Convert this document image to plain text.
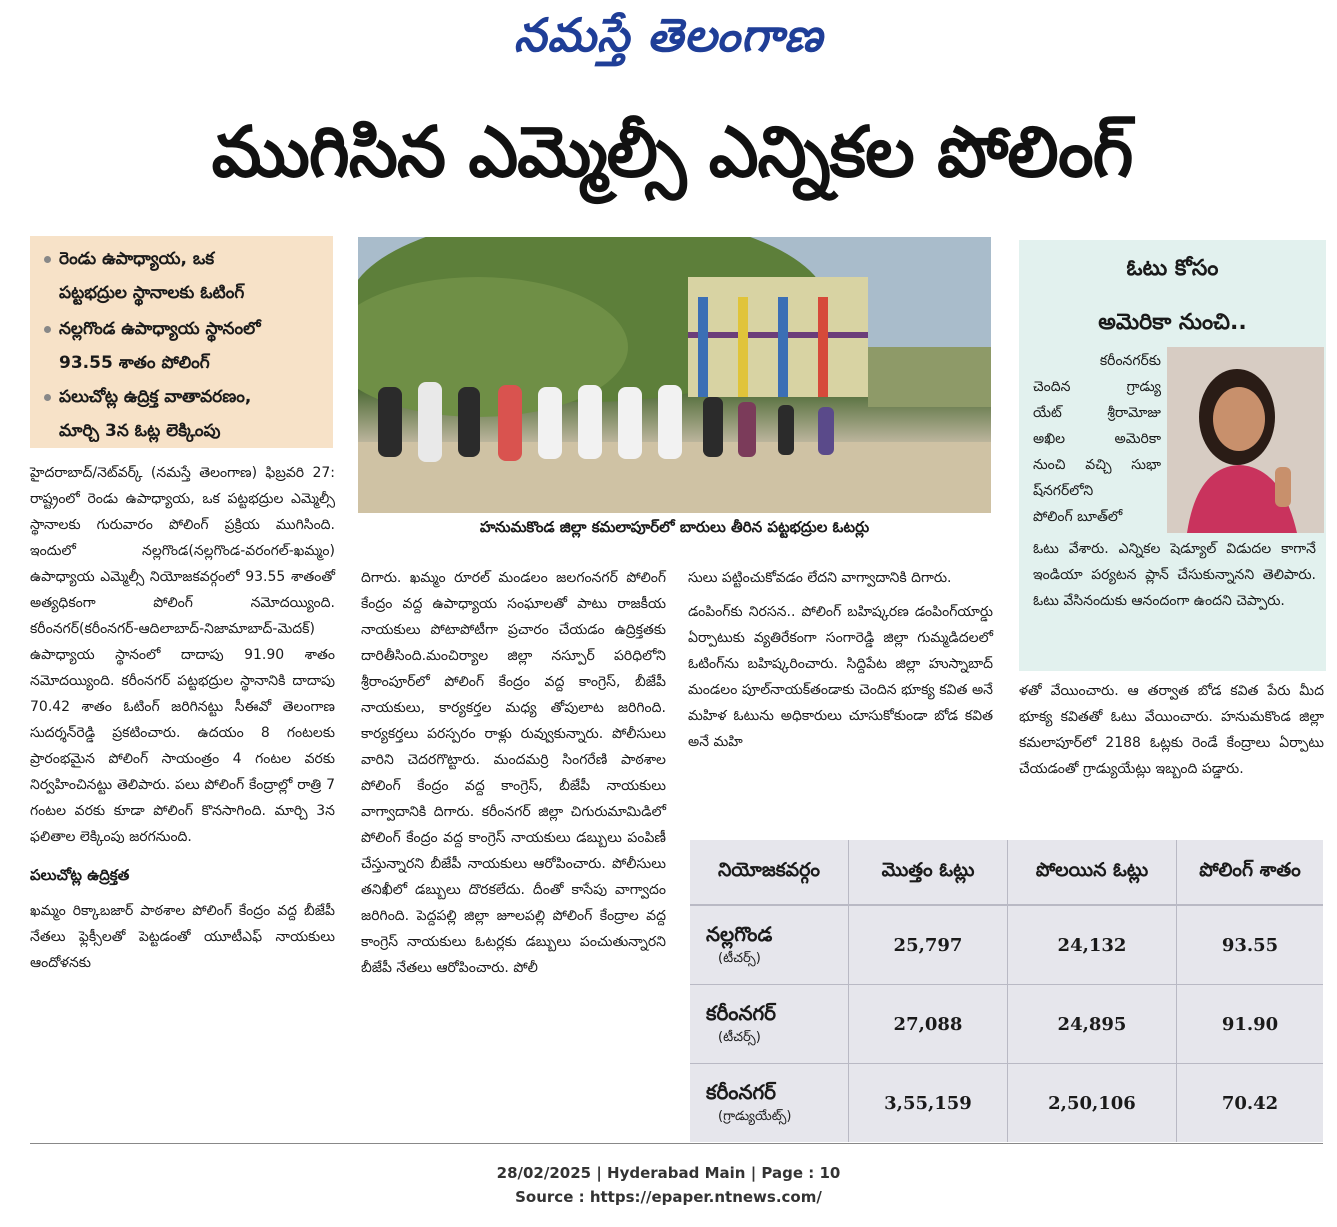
నమస్తే తెలంగాణ
ముగిసిన ఎమ్మెల్సీ ఎన్నికల పోలింగ్
రెండు ఉపాధ్యాయ, ఒక
పట్టభద్రుల స్థానాలకు ఓటింగ్
నల్లగొండ ఉపాధ్యాయ స్థానంలో
93.55 శాతం పోలింగ్
పలుచోట్ల ఉద్రిక్త వాతావరణం,
మార్చి 3న ఓట్ల లెక్కింపు
హనుమకొండ జిల్లా కమలాపూర్‌లో బారులు తీరిన పట్టభద్రుల ఓటర్లు

హైదరాబాద్/నెట్‌వర్క్ (నమస్తే తెలంగాణ) ఫిబ్రవరి 27: రాష్ట్రంలో రెండు ఉపాధ్యాయ, ఒక పట్టభద్రుల ఎమ్మెల్సీ స్థానాలకు గురువారం పోలింగ్ ప్రక్రియ ముగిసింది. ఇందులో నల్లగొండ(నల్లగొండ-వరంగల్-ఖమ్మం) ఉపాధ్యాయ ఎమ్మెల్సీ నియోజకవర్గంలో 93.55 శాతంతో అత్యధికంగా పోలింగ్ నమోదయ్యింది. కరీంనగర్(కరీంనగర్-ఆదిలాబాద్-నిజామాబాద్-మెదక్) ఉపాధ్యాయ స్థానంలో దాదాపు 91.90 శాతం నమోదయ్యింది. కరీంనగర్ పట్టభద్రుల స్థానానికి దాదాపు 70.42 శాతం ఓటింగ్ జరిగినట్టు సీఈవో తెలంగాణ సుదర్శన్‌రెడ్డి ప్రకటించారు. ఉదయం 8 గంటలకు ప్రారంభమైన పోలింగ్ సాయంత్రం 4 గంటల వరకు నిర్వహించినట్టు తెలిపారు. పలు పోలింగ్ కేంద్రాల్లో రాత్రి 7 గంటల వరకు కూడా పోలింగ్ కొనసాగింది. మార్చి 3న ఫలితాల లెక్కింపు జరగనుంది.

పలుచోట్ల ఉద్రిక్తత

ఖమ్మం రిక్కాబజార్ పాఠశాల పోలింగ్ కేంద్రం వద్ద బీజేపీ నేతలు ఫ్లెక్సీలతో పెట్టడంతో యూటీఎఫ్ నాయకులు ఆందోళనకు

దిగారు. ఖమ్మం రూరల్ మండలం జలగంనగర్ పోలింగ్ కేంద్రం వద్ద ఉపాధ్యాయ సంఘాలతో పాటు రాజకీయ నాయకులు పోటాపోటీగా ప్రచారం చేయడం ఉద్రిక్తతకు దారితీసింది.మంచిర్యాల జిల్లా నస్పూర్ పరిధిలోని శ్రీరాంపూర్‌లో పోలింగ్ కేంద్రం వద్ద కాంగ్రెస్, బీజేపీ నాయకులు, కార్యకర్తల మధ్య తోపులాట జరిగింది. కార్యకర్తలు పరస్పరం రాళ్లు రువ్వుకున్నారు. పోలీసులు వారిని చెదరగొట్టారు. మందమర్రి సింగరేణి పాఠశాల పోలింగ్ కేంద్రం వద్ద కాంగ్రెస్, బీజేపీ నాయకులు వాగ్వాదానికి దిగారు. కరీంనగర్ జిల్లా చిగురుమామిడిలో పోలింగ్ కేంద్రం వద్ద కాంగ్రెస్ నాయకులు డబ్బులు పంపిణీ చేస్తున్నారని బీజేపీ నాయకులు ఆరోపించారు. పోలీసులు తనిఖీలో డబ్బులు దొరకలేదు. దీంతో కాసేపు వాగ్వాదం జరిగింది. పెద్దపల్లి జిల్లా జూలపల్లి పోలింగ్ కేంద్రాల వద్ద కాంగ్రెస్ నాయకులు ఓటర్లకు డబ్బులు పంచుతున్నారని బీజేపీ నేతలు ఆరోపించారు. పోలీ

సులు పట్టించుకోవడం లేదని వాగ్వాదానికి దిగారు.

డంపింగ్‌కు నిరసన.. పోలింగ్ బహిష్కరణ డంపింగ్‌యార్డు ఏర్పాటుకు వ్యతిరేకంగా సంగారెడ్డి జిల్లా గుమ్మడిదలలో ఓటింగ్‌ను బహిష్కరించారు. సిద్దిపేట జిల్లా హుస్నాబాద్ మండలం పూల్‌నాయక్‌తండాకు చెందిన భూక్య కవిత అనే మహిళ ఓటును అధికారులు చూసుకోకుండా బోడ కవిత అనే మహి

ళతో వేయించారు. ఆ తర్వాత బోడ కవిత పేరు మీద భూక్య కవితతో ఓటు వేయించారు. హనుమకొండ జిల్లా కమలాపూర్‌లో 2188 ఓట్లకు రెండే కేంద్రాలు ఏర్పాటు చేయడంతో గ్రాడ్యుయేట్లు ఇబ్బంది పడ్డారు.

ఓటు కోసం
అమెరికా నుంచి..
కరీంనగర్‌కు
చెందిన గ్రాడ్యు
యేట్ శ్రీరామోజు
అఖిల అమెరికా
నుంచి వచ్చి సుభా
ష్‌నగర్‌లోని
పోలింగ్ బూత్‌లో
ఓటు వేశారు. ఎన్నికల షెడ్యూల్ విడుదల కాగానే ఇండియా పర్యటన ప్లాన్ చేసుకున్నానని తెలిపారు. ఓటు వేసినందుకు ఆనందంగా ఉందని చెప్పారు.
నియోజకవర్గం	మొత్తం ఓట్లు	పోలయిన ఓట్లు	పోలింగ్ శాతం

నల్లగొండ
(టీచర్స్)	25,797	24,132	93.55

కరీంనగర్
(టీచర్స్)	27,088	24,895	91.90

కరీంనగర్
(గ్రాడ్యుయేట్స్)	3,55,159	2,50,106	70.42
28/02/2025 | Hyderabad Main | Page : 10
Source : https://epaper.ntnews.com/
